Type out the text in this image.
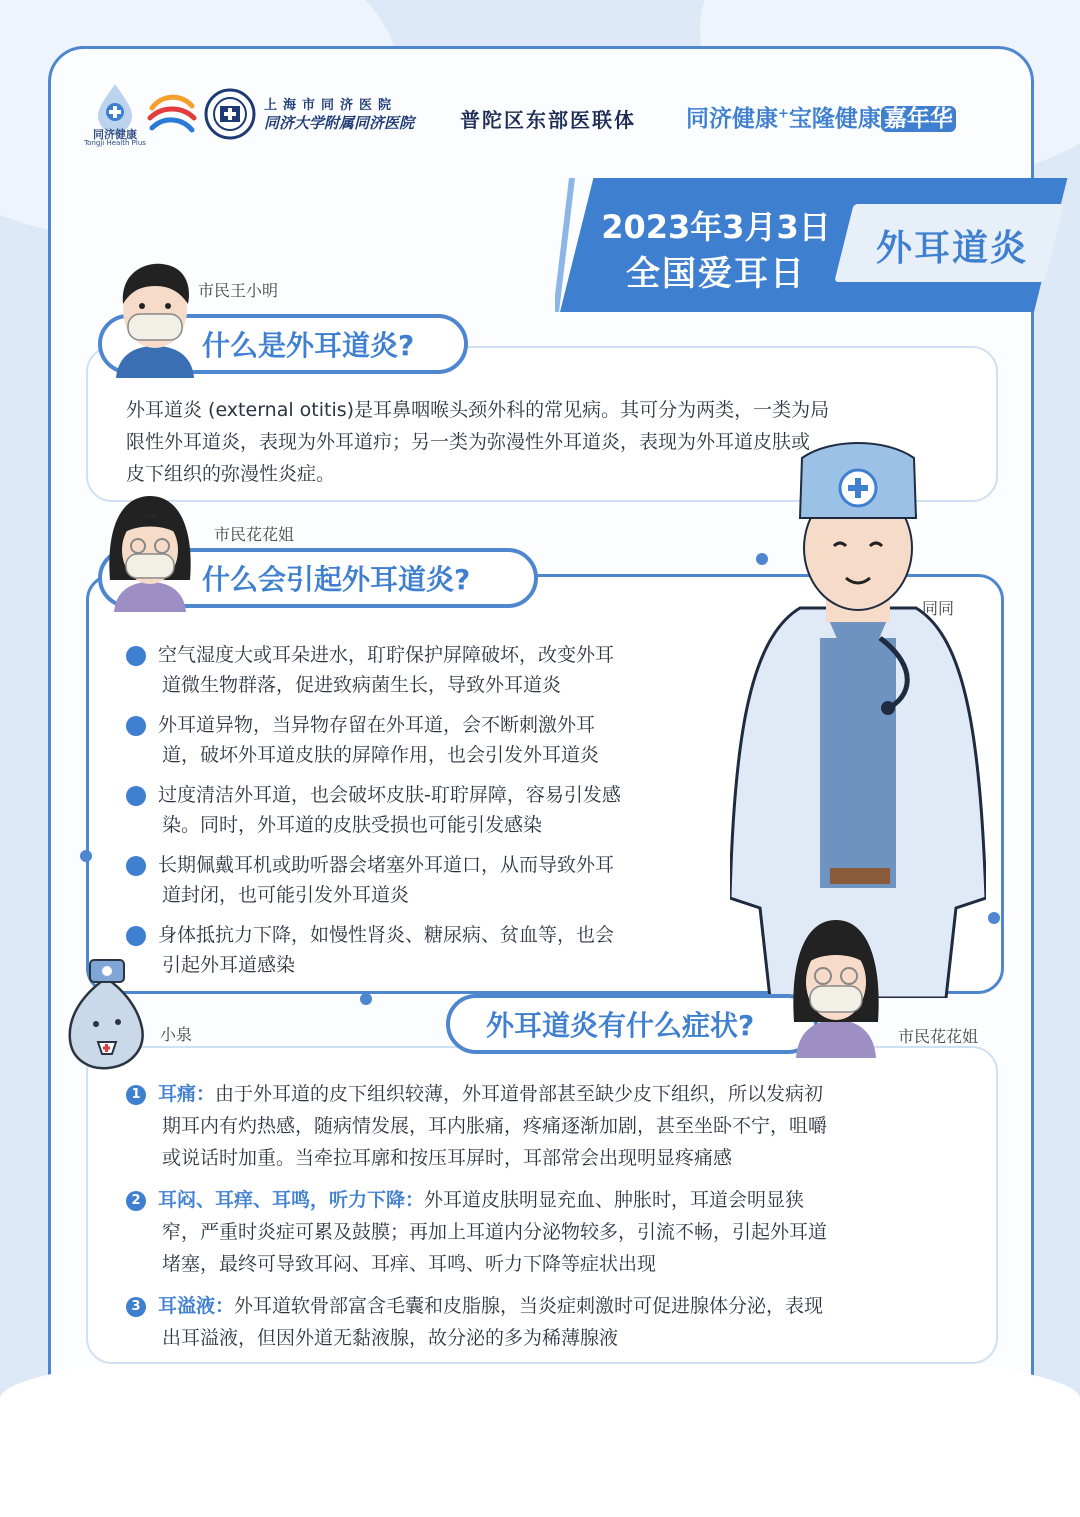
同济健康
Tongji Health Plus
上海市同济医院
同济大学附属同济医院 普陀区东部医联体 同济健康+宝隆健康 嘉年华
2023年3月3日
全国爱耳日
外耳道炎
什么是外耳道炎?
市民王小明
外耳道炎 (external otitis)是耳鼻咽喉头颈外科的常见病。其可分为两类，一类为局
限性外耳道炎，表现为外耳道疖；另一类为弥漫性外耳道炎，表现为外耳道皮肤或
皮下组织的弥漫性炎症。
什么会引起外耳道炎?
市民花花姐
同同
空气湿度大或耳朵进水，耵聍保护屏障破坏，改变外耳
道微生物群落，促进致病菌生长，导致外耳道炎
外耳道异物，当异物存留在外耳道，会不断刺激外耳
道，破坏外耳道皮肤的屏障作用，也会引发外耳道炎
过度清洁外耳道，也会破坏皮肤-耵聍屏障，容易引发感
染。同时，外耳道的皮肤受损也可能引发感染
长期佩戴耳机或助听器会堵塞外耳道口，从而导致外耳
道封闭，也可能引发外耳道炎
身体抵抗力下降，如慢性肾炎、糖尿病、贫血等，也会
引起外耳道感染
外耳道炎有什么症状?
小泉	市民花花姐
1 耳痛：由于外耳道的皮下组织较薄，外耳道骨部甚至缺少皮下组织，所以发病初
期耳内有灼热感，随病情发展，耳内胀痛，疼痛逐渐加剧，甚至坐卧不宁，咀嚼
或说话时加重。当牵拉耳廓和按压耳屏时，耳部常会出现明显疼痛感
2 耳闷、耳痒、耳鸣，听力下降：外耳道皮肤明显充血、肿胀时，耳道会明显狭
窄，严重时炎症可累及鼓膜；再加上耳道内分泌物较多，引流不畅，引起外耳道
堵塞，最终可导致耳闷、耳痒、耳鸣、听力下降等症状出现
3 耳溢液：外耳道软骨部富含毛囊和皮脂腺，当炎症刺激时可促进腺体分泌，表现
出耳溢液，但因外道无黏液腺，故分泌的多为稀薄腺液
